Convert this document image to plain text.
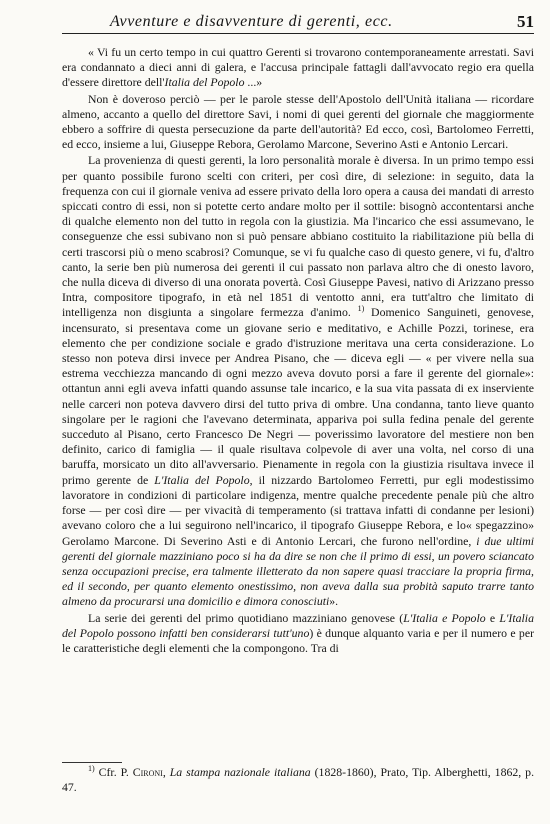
Avventure e disavventure di gerenti, ecc.	51

« Vi fu un certo tempo in cui quattro Gerenti si trovarono contemporaneamente arrestati. Savi era condannato a dieci anni di galera, e l'accusa principale fattagli dall'avvocato regio era quella d'essere direttore dell'Italia del Popolo ...»

Non è doveroso perciò — per le parole stesse dell'Apostolo dell'Unità italiana — ricordare almeno, accanto a quello del direttore Savi, i nomi di quei gerenti del giornale che maggiormente ebbero a soffrire di questa persecuzione da parte dell'autorità? Ed ecco, così, Bartolomeo Ferretti, ed ecco, insieme a lui, Giuseppe Rebora, Gerolamo Marcone, Severino Asti e Antonio Lercari.

La provenienza di questi gerenti, la loro personalità morale è diversa. In un primo tempo essi per quanto possibile furono scelti con criteri, per così dire, di selezione: in seguito, data la frequenza con cui il giornale veniva ad essere privato della loro opera a causa dei mandati di arresto spiccati contro di essi, non si potette certo andare molto per il sottile: bisognò accontentarsi anche di qualche elemento non del tutto in regola con la giustizia. Ma l'incarico che essi assumevano, le conseguenze che essi subivano non si può pensare abbiano costituito la riabilitazione più bella di certi trascorsi più o meno scabrosi? Comunque, se vi fu qualche caso di questo genere, vi fu, d'altro canto, la serie ben più numerosa dei gerenti il cui passato non parlava altro che di onesto lavoro, che nulla diceva di diverso di una onorata povertà. Così Giuseppe Pavesi, nativo di Arizzano presso Intra, compositore tipografo, in età nel 1851 di ventotto anni, era tutt'altro che limitato di intelligenza non disgiunta a singolare fermezza d'animo. $^{1)}$ Domenico Sanguineti, genovese, incensurato, si presentava come un giovane serio e meditativo, e Achille Pozzi, torinese, era elemento che per condizione sociale e grado d'istruzione meritava una certa considerazione. Lo stesso non poteva dirsi invece per Andrea Pisano, che — diceva egli — « per vivere nella sua estrema vecchiezza mancando di ogni mezzo aveva dovuto porsi a fare il gerente del giornale»: ottantun anni egli aveva infatti quando assunse tale incarico, e la sua vita passata di ex inserviente nelle carceri non poteva davvero dirsi del tutto priva di ombre. Una condanna, tanto lieve quanto singolare per le ragioni che l'avevano determinata, appariva poi sulla fedina penale del gerente succeduto al Pisano, certo Francesco De Negri — poverissimo lavoratore del mestiere non ben definito, carico di famiglia — il quale risultava colpevole di aver una volta, nel corso di una baruffa, morsicato un dito all'avversario. Pienamente in regola con la giustizia risultava invece il primo gerente de L'Italia del Popolo, il nizzardo Bartolomeo Ferretti, pur egli modestissimo lavoratore in condizioni di particolare indigenza, mentre qualche precedente penale più che altro forse — per così dire — per vivacità di temperamento (si trattava infatti di condanne per lesioni) avevano coloro che a lui seguirono nell'incarico, il tipografo Giuseppe Rebora, e lo« spegazzino» Gerolamo Marcone. Di Severino Asti e di Antonio Lercari, che furono nell'ordine, i due ultimi gerenti del giornale mazziniano poco si ha da dire se non che il primo di essi, un povero sciancato senza occupazioni precise, era talmente illetterato da non sapere quasi tracciare la propria firma, ed il secondo, per quanto elemento onestissimo, non aveva dalla sua probità saputo trarre tanto almeno da procurarsi una domicilio e dimora conosciuti».

La serie dei gerenti del primo quotidiano mazziniano genovese (L'Italia e Popolo e L'Italia del Popolo possono infatti ben considerarsi tutt'uno) è dunque alquanto varia e per il numero e per le caratteristiche degli elementi che la compongono. Tra di

$^{1)}$ Cfr. P. Cironi, La stampa nazionale italiana (1828-1860), Prato, Tip. Alberghetti, 1862, p. 47.
